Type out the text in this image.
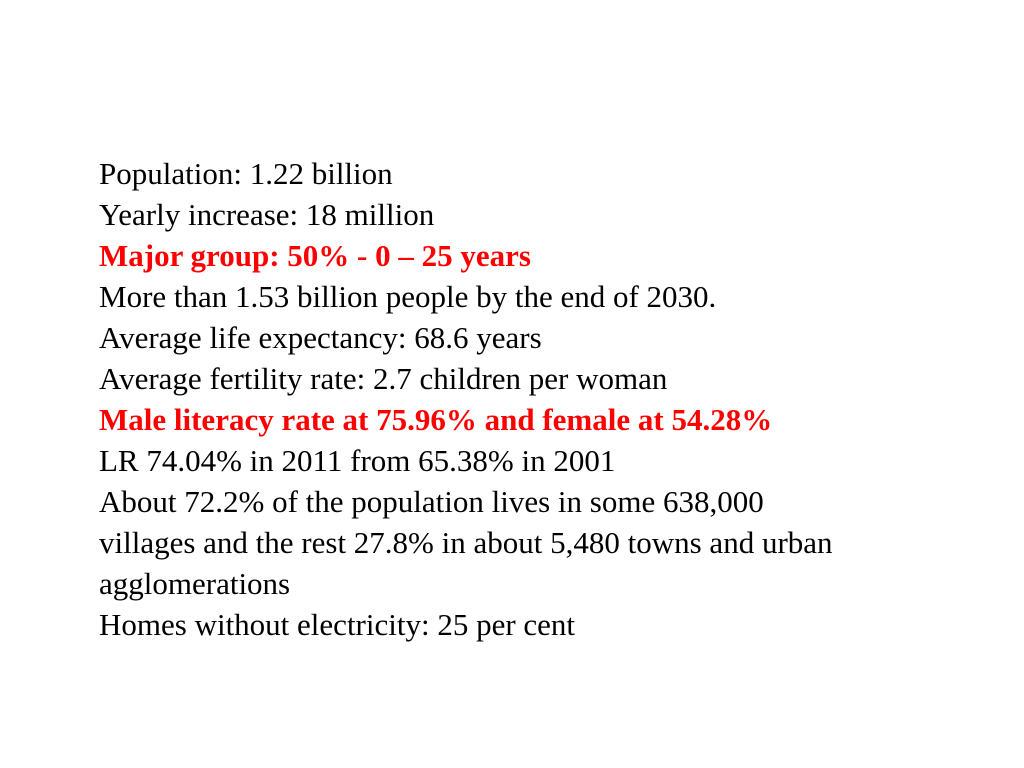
Population: 1.22 billion
Yearly increase: 18 million
Major group: 50% - 0 – 25 years
More than 1.53 billion people by the end of 2030.
Average life expectancy: 68.6 years
Average fertility rate: 2.7 children per woman
Male literacy rate at 75.96% and female at 54.28%
LR 74.04% in 2011 from 65.38% in 2001
About 72.2% of the population lives in some 638,000 villages and the rest 27.8% in about 5,480 towns and urban agglomerations
Homes without electricity: 25 per cent
